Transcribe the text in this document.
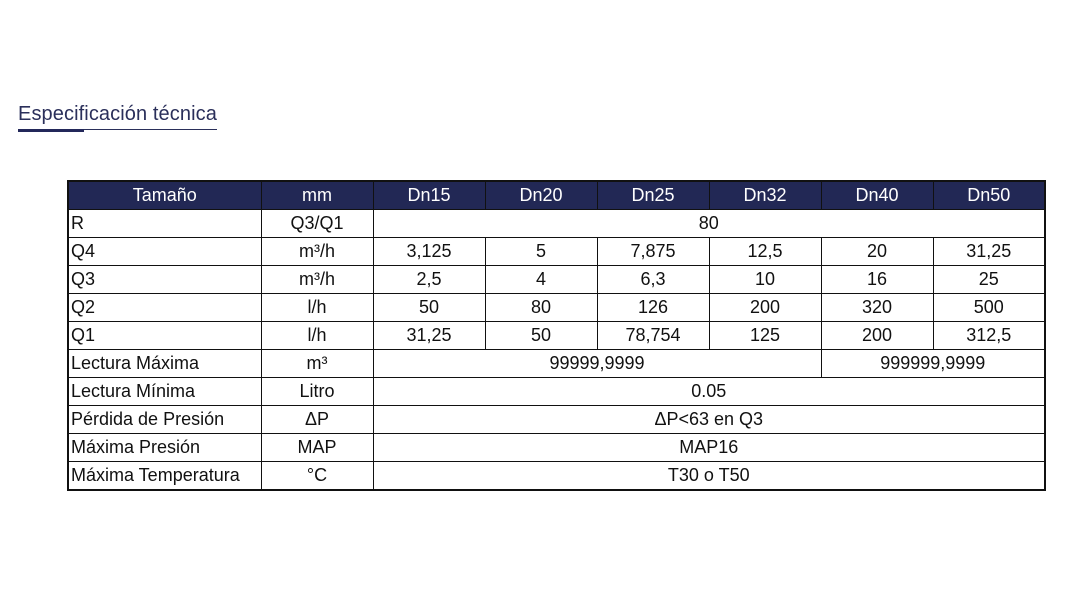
Especificación técnica
Tamaño	mm	Dn15	Dn20	Dn25	Dn32	Dn40	Dn50
R	Q3/Q1	80					
Q4	m³/h	3,125	5	7,875	12,5	20	31,25
Q3	m³/h	2,5	4	6,3	10	16	25
Q2	l/h	50	80	126	200	320	500
Q1	l/h	31,25	50	78,754	125	200	312,5
Lectura Máxima	m³	99999,9999				999999,9999	
Lectura Mínima	Litro	0.05					
Pérdida de Presión	ΔP	ΔP<63 en Q3					
Máxima Presión	MAP	MAP16					
Máxima Temperatura	°C	T30 o T50					
